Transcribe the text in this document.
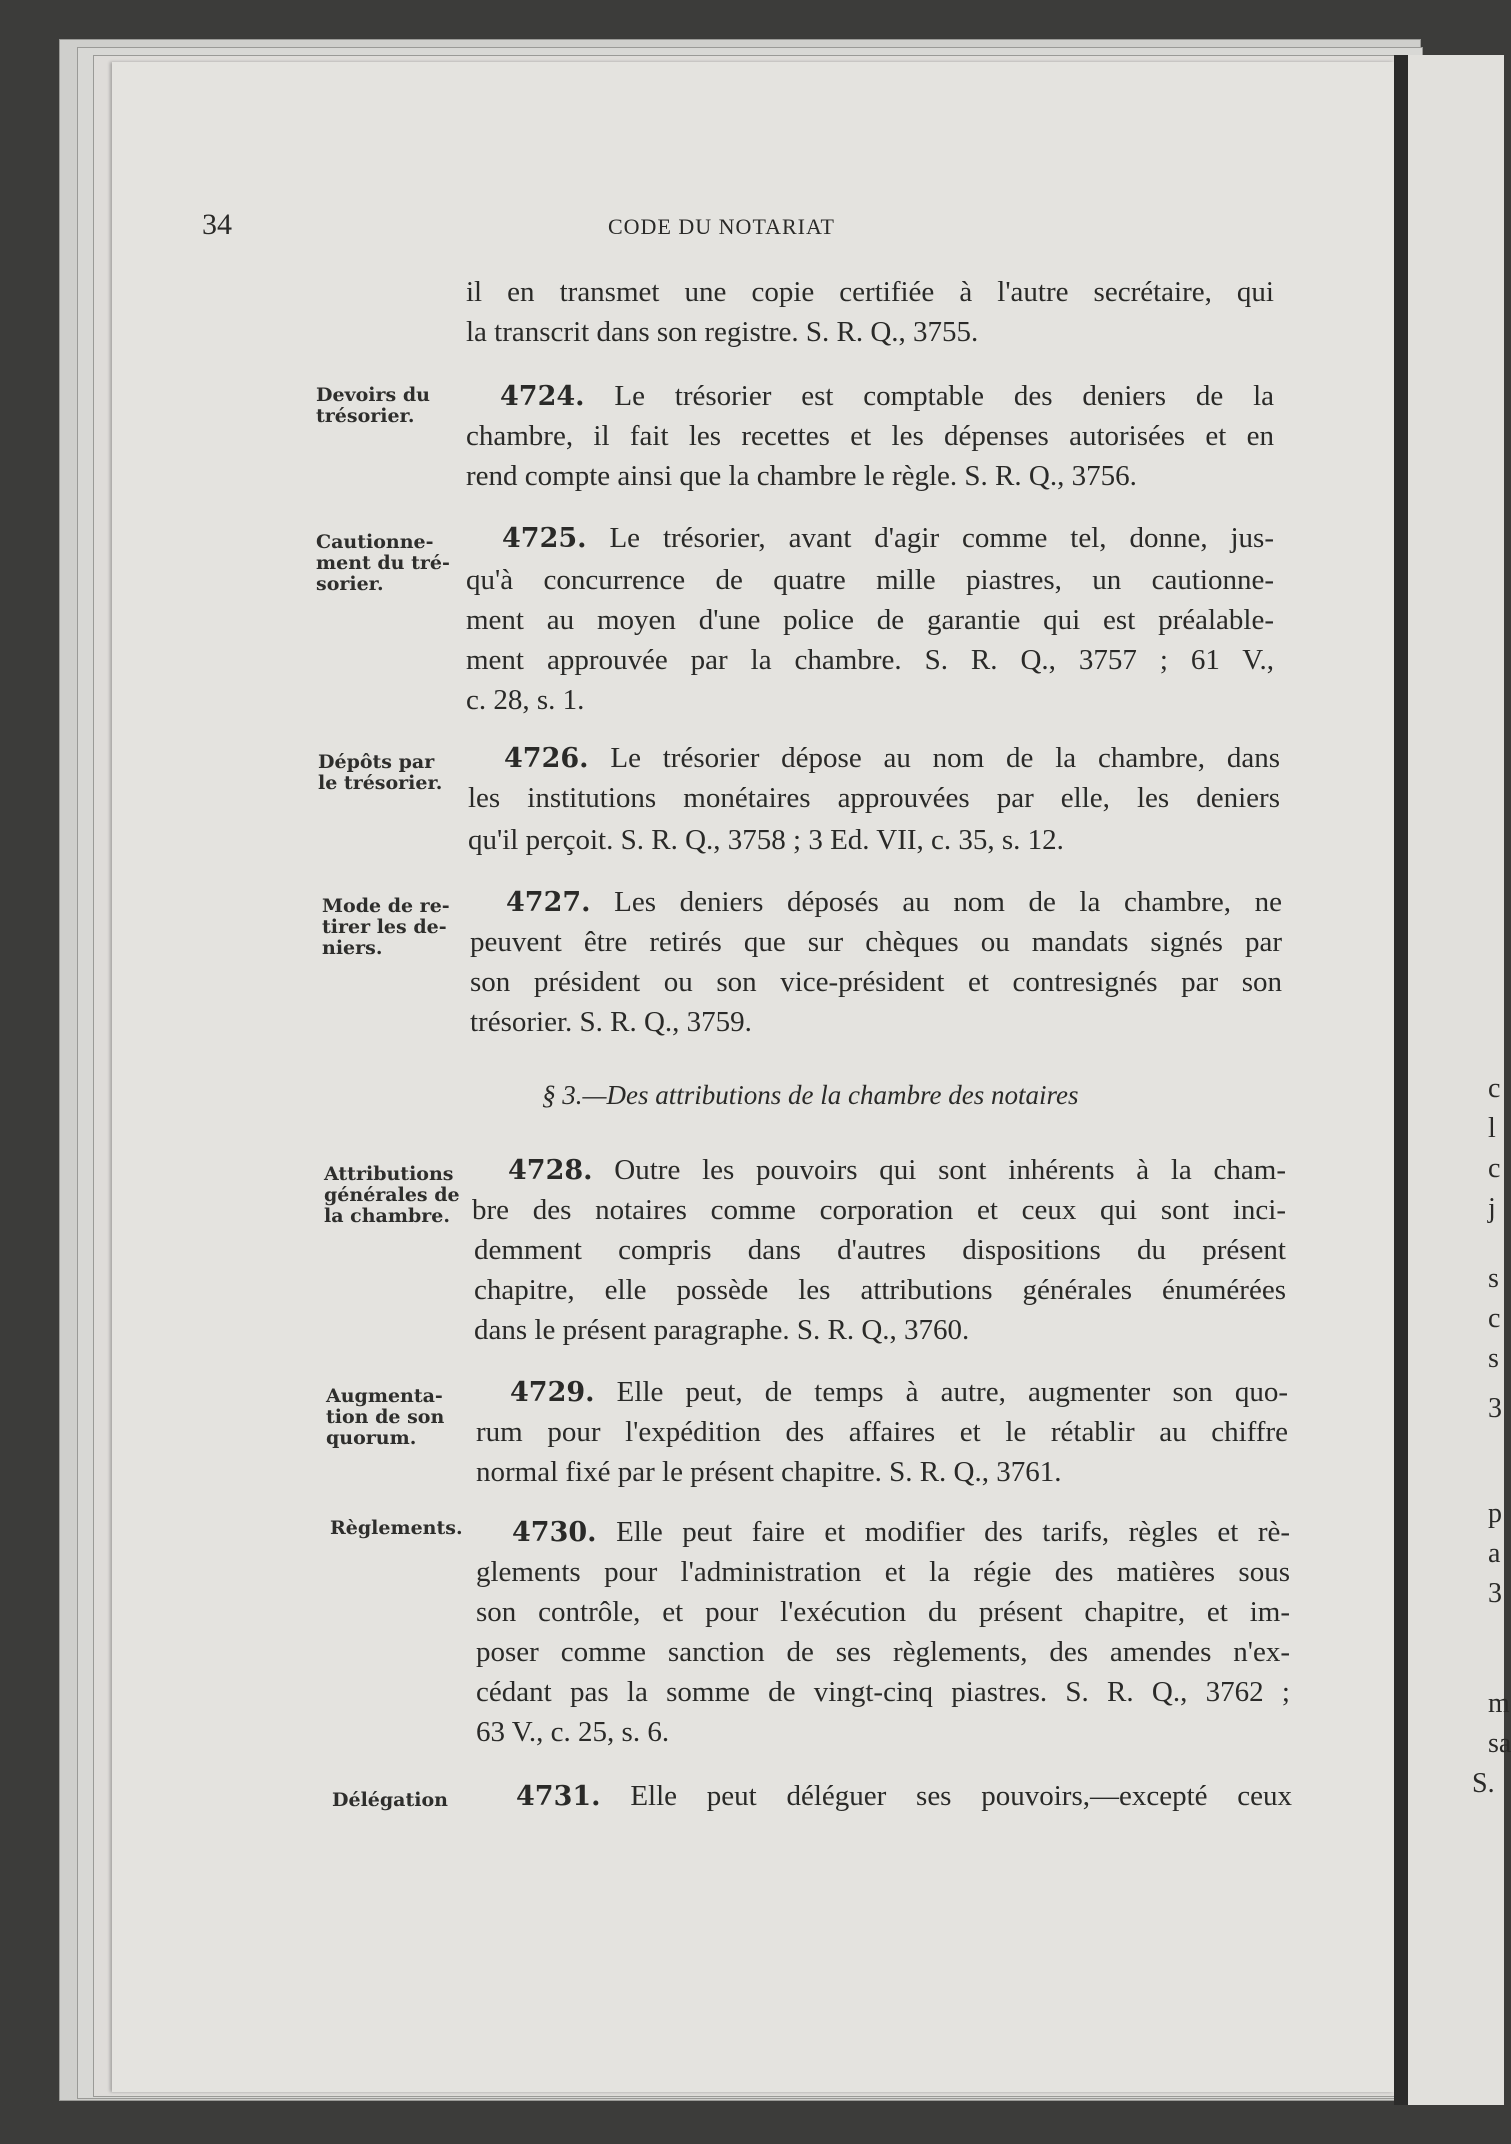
c
l
c
j
s
c
s
3
p
a
3
m
sa
S.
34	CODE DU NOTARIAT
il en transmet une copie certifiée à l'autre secrétaire, qui
la transcrit dans son registre. S. R. Q., 3755.
Devoirs du
trésorier.
4724. Le trésorier est comptable des deniers de la
chambre, il fait les recettes et les dépenses autorisées et en
rend compte ainsi que la chambre le règle. S. R. Q., 3756.
Cautionne-
ment du tré-
sorier.
4725. Le trésorier, avant d'agir comme tel, donne, jus-
qu'à concurrence de quatre mille piastres, un cautionne-
ment au moyen d'une police de garantie qui est préalable-
ment approuvée par la chambre. S. R. Q., 3757 ; 61 V.,
c. 28, s. 1.
Dépôts par
le trésorier.
4726. Le trésorier dépose au nom de la chambre, dans
les institutions monétaires approuvées par elle, les deniers
qu'il perçoit. S. R. Q., 3758 ; 3 Ed. VII, c. 35, s. 12.
Mode de re-
tirer les de-
niers.
4727. Les deniers déposés au nom de la chambre, ne
peuvent être retirés que sur chèques ou mandats signés par
son président ou son vice-président et contresignés par son
trésorier. S. R. Q., 3759.
§ 3.—Des attributions de la chambre des notaires
Attributions
générales de
la chambre.
4728. Outre les pouvoirs qui sont inhérents à la cham-
bre des notaires comme corporation et ceux qui sont inci-
demment compris dans d'autres dispositions du présent
chapitre, elle possède les attributions générales énumérées
dans le présent paragraphe. S. R. Q., 3760.
Augmenta-
tion de son
quorum.
4729. Elle peut, de temps à autre, augmenter son quo-
rum pour l'expédition des affaires et le rétablir au chiffre
normal fixé par le présent chapitre. S. R. Q., 3761.
Règlements.	4730. Elle peut faire et modifier des tarifs, règles et rè-
glements pour l'administration et la régie des matières sous
son contrôle, et pour l'exécution du présent chapitre, et im-
poser comme sanction de ses règlements, des amendes n'ex-
cédant pas la somme de vingt-cinq piastres. S. R. Q., 3762 ;
63 V., c. 25, s. 6.
Délégation	4731. Elle peut déléguer ses pouvoirs,—excepté ceux
